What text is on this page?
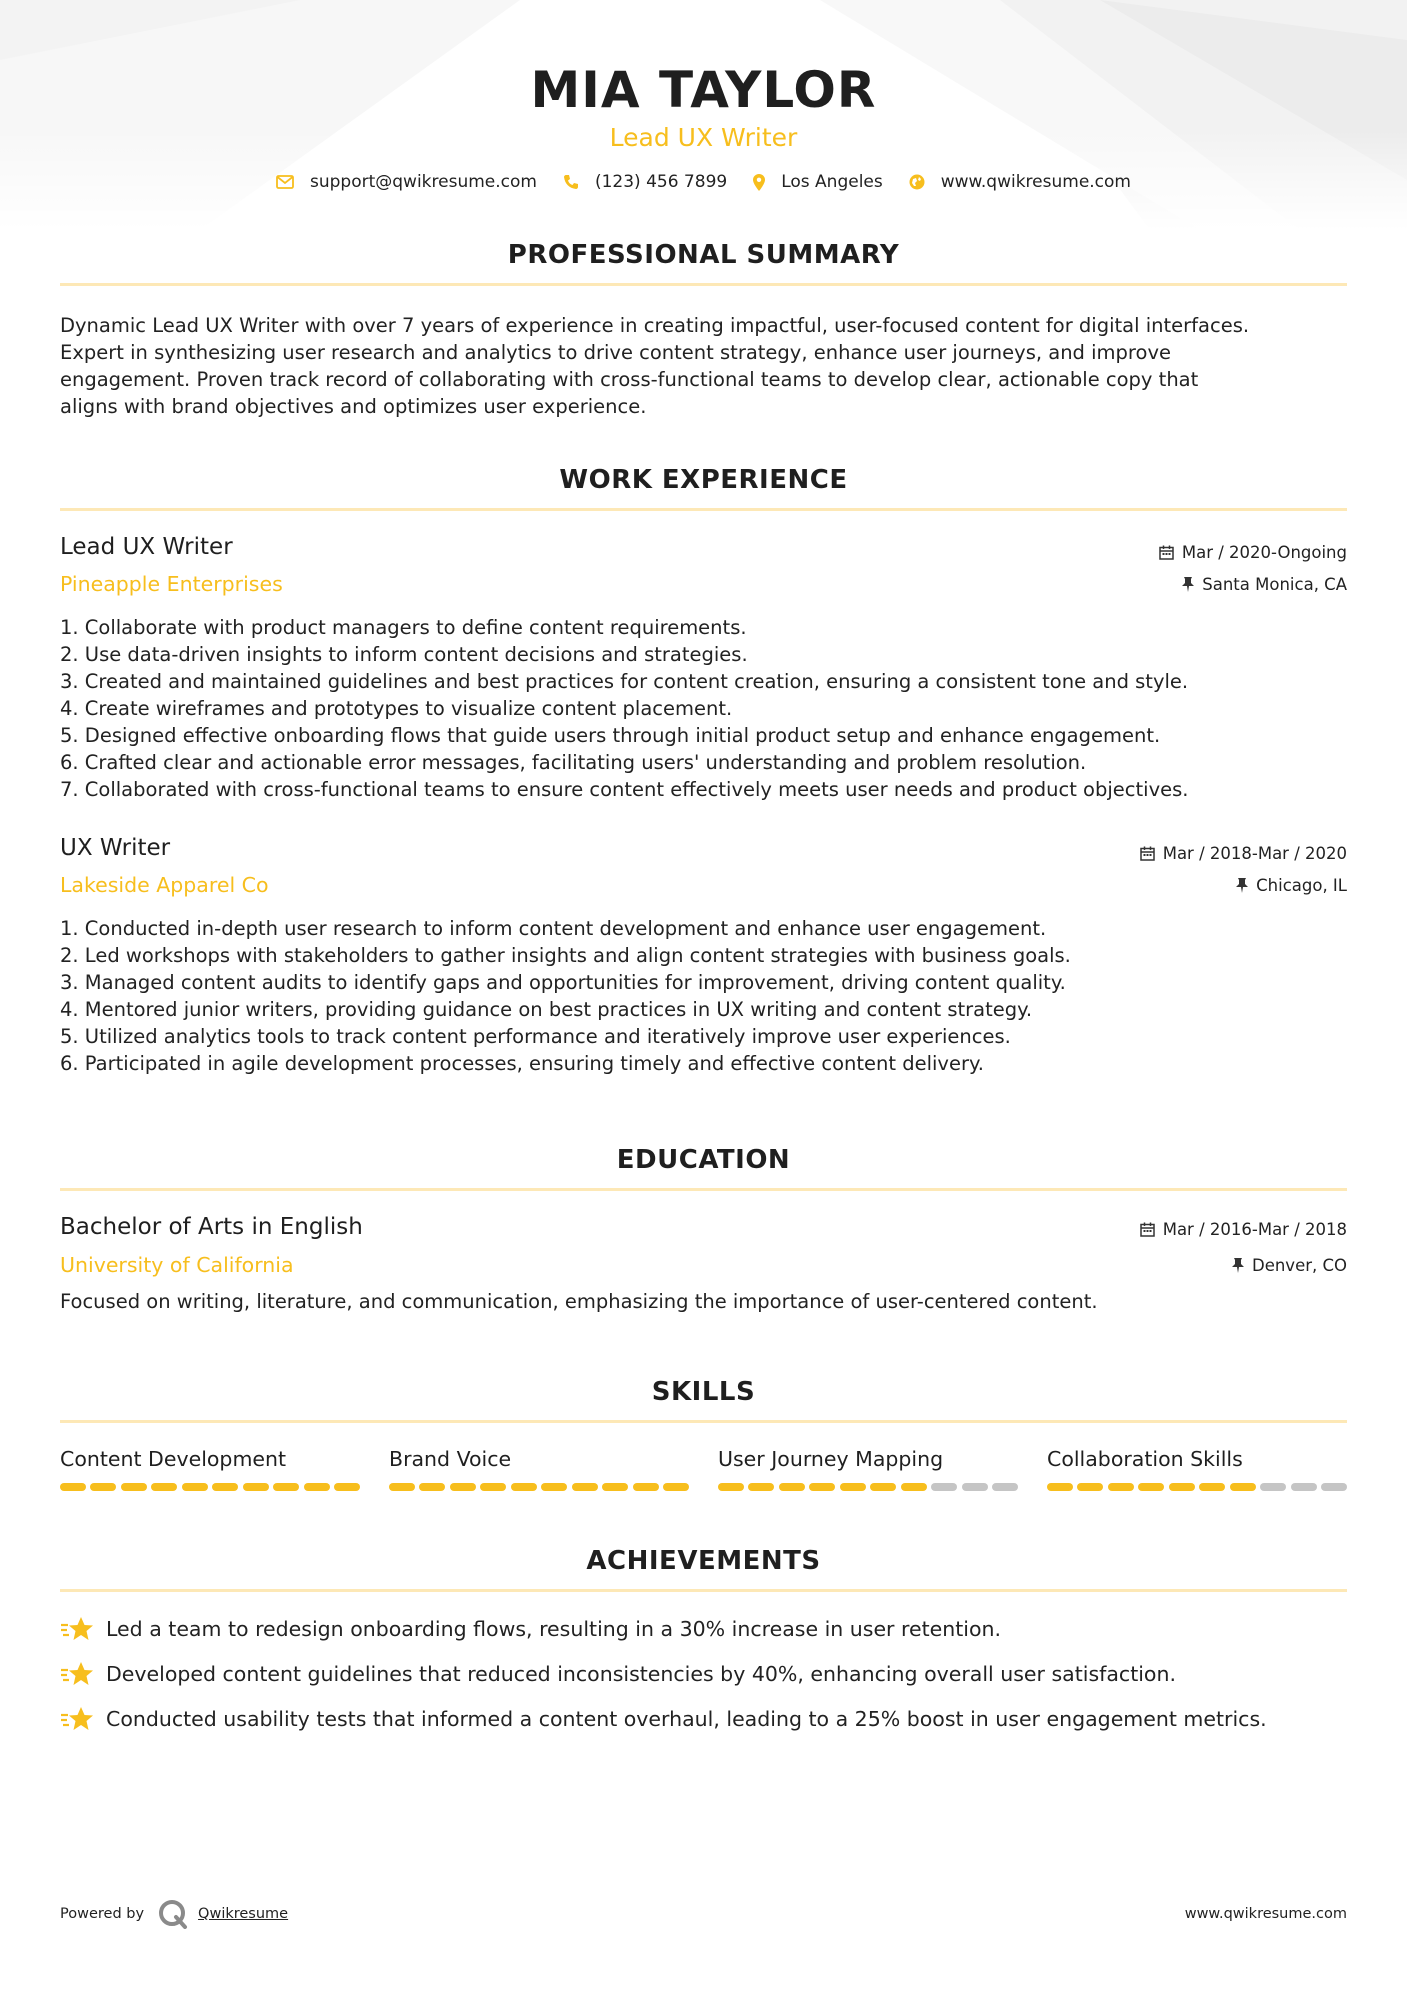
MIA TAYLOR
Lead UX Writer
support@qwikresume.com	(123) 456 7899	Los Angeles	www.qwikresume.com
PROFESSIONAL SUMMARY
Dynamic Lead UX Writer with over 7 years of experience in creating impactful, user-focused content for digital interfaces.
Expert in synthesizing user research and analytics to drive content strategy, enhance user journeys, and improve
engagement. Proven track record of collaborating with cross-functional teams to develop clear, actionable copy that
aligns with brand objectives and optimizes user experience.
WORK EXPERIENCE
Lead UX Writer	Mar / 2020-Ongoing
Pineapple Enterprises	Santa Monica, CA
1. Collaborate with product managers to define content requirements.
2. Use data-driven insights to inform content decisions and strategies.
3. Created and maintained guidelines and best practices for content creation, ensuring a consistent tone and style.
4. Create wireframes and prototypes to visualize content placement.
5. Designed effective onboarding flows that guide users through initial product setup and enhance engagement.
6. Crafted clear and actionable error messages, facilitating users' understanding and problem resolution.
7. Collaborated with cross-functional teams to ensure content effectively meets user needs and product objectives.
UX Writer	Mar / 2018-Mar / 2020
Lakeside Apparel Co	Chicago, IL
1. Conducted in-depth user research to inform content development and enhance user engagement.
2. Led workshops with stakeholders to gather insights and align content strategies with business goals.
3. Managed content audits to identify gaps and opportunities for improvement, driving content quality.
4. Mentored junior writers, providing guidance on best practices in UX writing and content strategy.
5. Utilized analytics tools to track content performance and iteratively improve user experiences.
6. Participated in agile development processes, ensuring timely and effective content delivery.
EDUCATION
Bachelor of Arts in English	Mar / 2016-Mar / 2018
University of California	Denver, CO
Focused on writing, literature, and communication, emphasizing the importance of user-centered content.
SKILLS
Content Development	Brand Voice	User Journey Mapping	Collaboration Skills
ACHIEVEMENTS
Led a team to redesign onboarding flows, resulting in a 30% increase in user retention.
Developed content guidelines that reduced inconsistencies by 40%, enhancing overall user satisfaction.
Conducted usability tests that informed a content overhaul, leading to a 25% boost in user engagement metrics.
Powered by	Qwikresume	www.qwikresume.com
